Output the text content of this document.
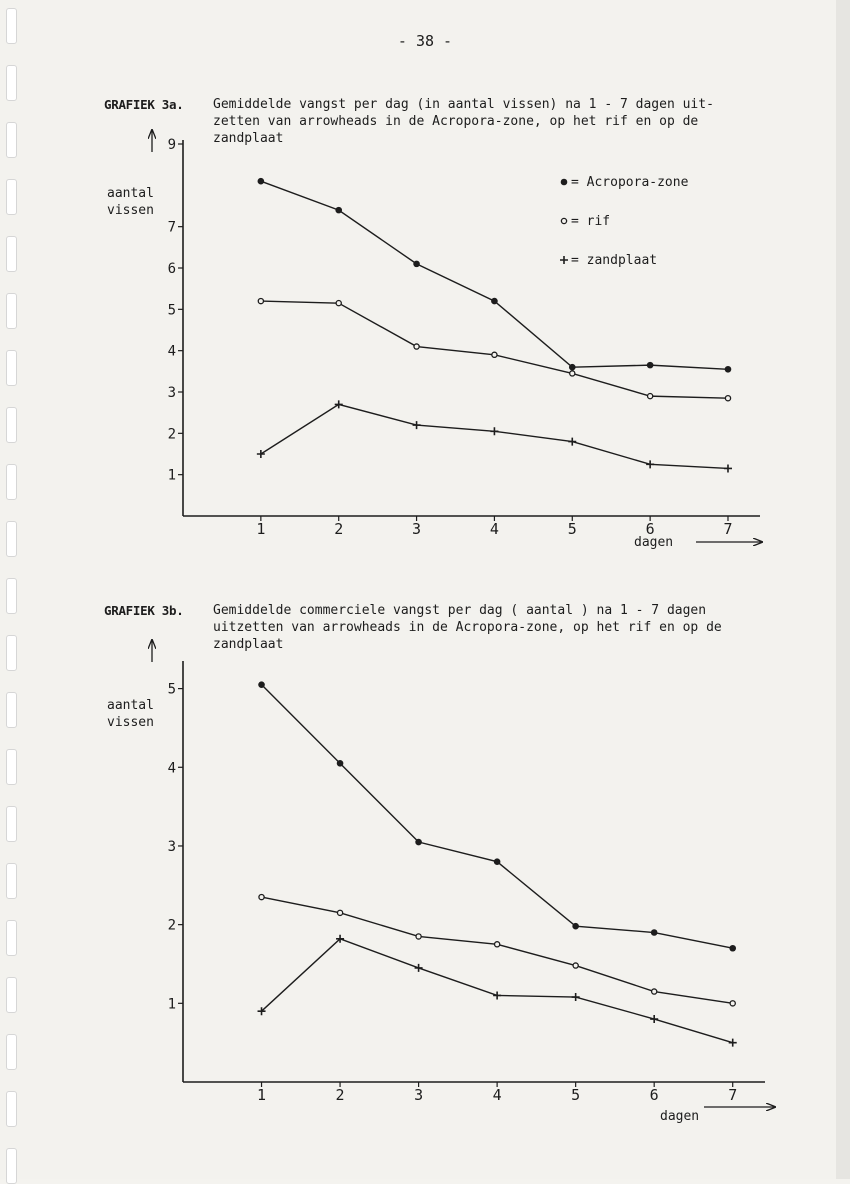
- 38 -
GRAFIEK 3a. Gemiddelde vangst per dag (in aantal vissen) na 1 - 7 dagen uit-
zetten van arrowheads in de Acropora-zone, op het rif en op de
zandplaat
GRAFIEK 3b. Gemiddelde commerciele vangst per dag ( aantal ) na 1 - 7 dagen
uitzetten van arrowheads in de Acropora-zone, op het rif en op de
zandplaat
aantal
vissen
1
2
3
4
5
6
7
9
1	2	3	4	5	6	7
dagen
= Acropora-zone
= rif
= zandplaat
aantal
vissen
1
2
3
4
5
1	2	3	4	5	6	7
dagen
